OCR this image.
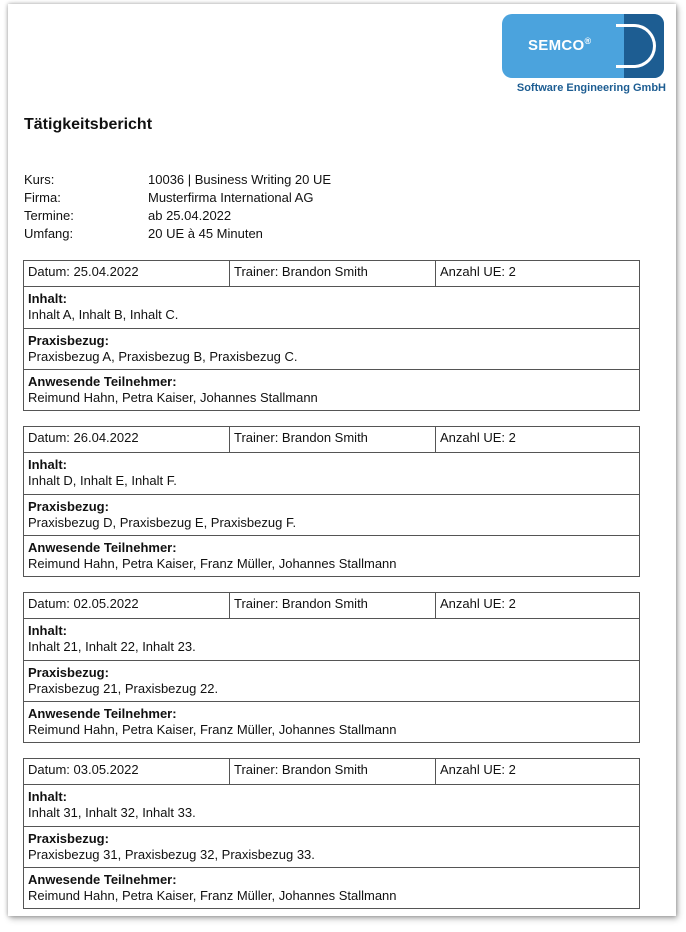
SEMCO®
Software Engineering GmbH
Tätigkeitsbericht
Kurs:	10036 | Business Writing 20 UE
Firma:	Musterfirma International AG
Termine:	ab 25.04.2022
Umfang:	20 UE à 45 Minuten
Datum: 25.04.2022	Trainer: Brandon Smith	Anzahl UE: 2
Inhalt:
Inhalt A, Inhalt B, Inhalt C.
Praxisbezug:
Praxisbezug A, Praxisbezug B, Praxisbezug C.
Anwesende Teilnehmer:
Reimund Hahn, Petra Kaiser, Johannes Stallmann
Datum: 26.04.2022	Trainer: Brandon Smith	Anzahl UE: 2
Inhalt:
Inhalt D, Inhalt E, Inhalt F.
Praxisbezug:
Praxisbezug D, Praxisbezug E, Praxisbezug F.
Anwesende Teilnehmer:
Reimund Hahn, Petra Kaiser, Franz Müller, Johannes Stallmann
Datum: 02.05.2022	Trainer: Brandon Smith	Anzahl UE: 2
Inhalt:
Inhalt 21, Inhalt 22, Inhalt 23.
Praxisbezug:
Praxisbezug 21, Praxisbezug 22.
Anwesende Teilnehmer:
Reimund Hahn, Petra Kaiser, Franz Müller, Johannes Stallmann
Datum: 03.05.2022	Trainer: Brandon Smith	Anzahl UE: 2
Inhalt:
Inhalt 31, Inhalt 32, Inhalt 33.
Praxisbezug:
Praxisbezug 31, Praxisbezug 32, Praxisbezug 33.
Anwesende Teilnehmer:
Reimund Hahn, Petra Kaiser, Franz Müller, Johannes Stallmann
